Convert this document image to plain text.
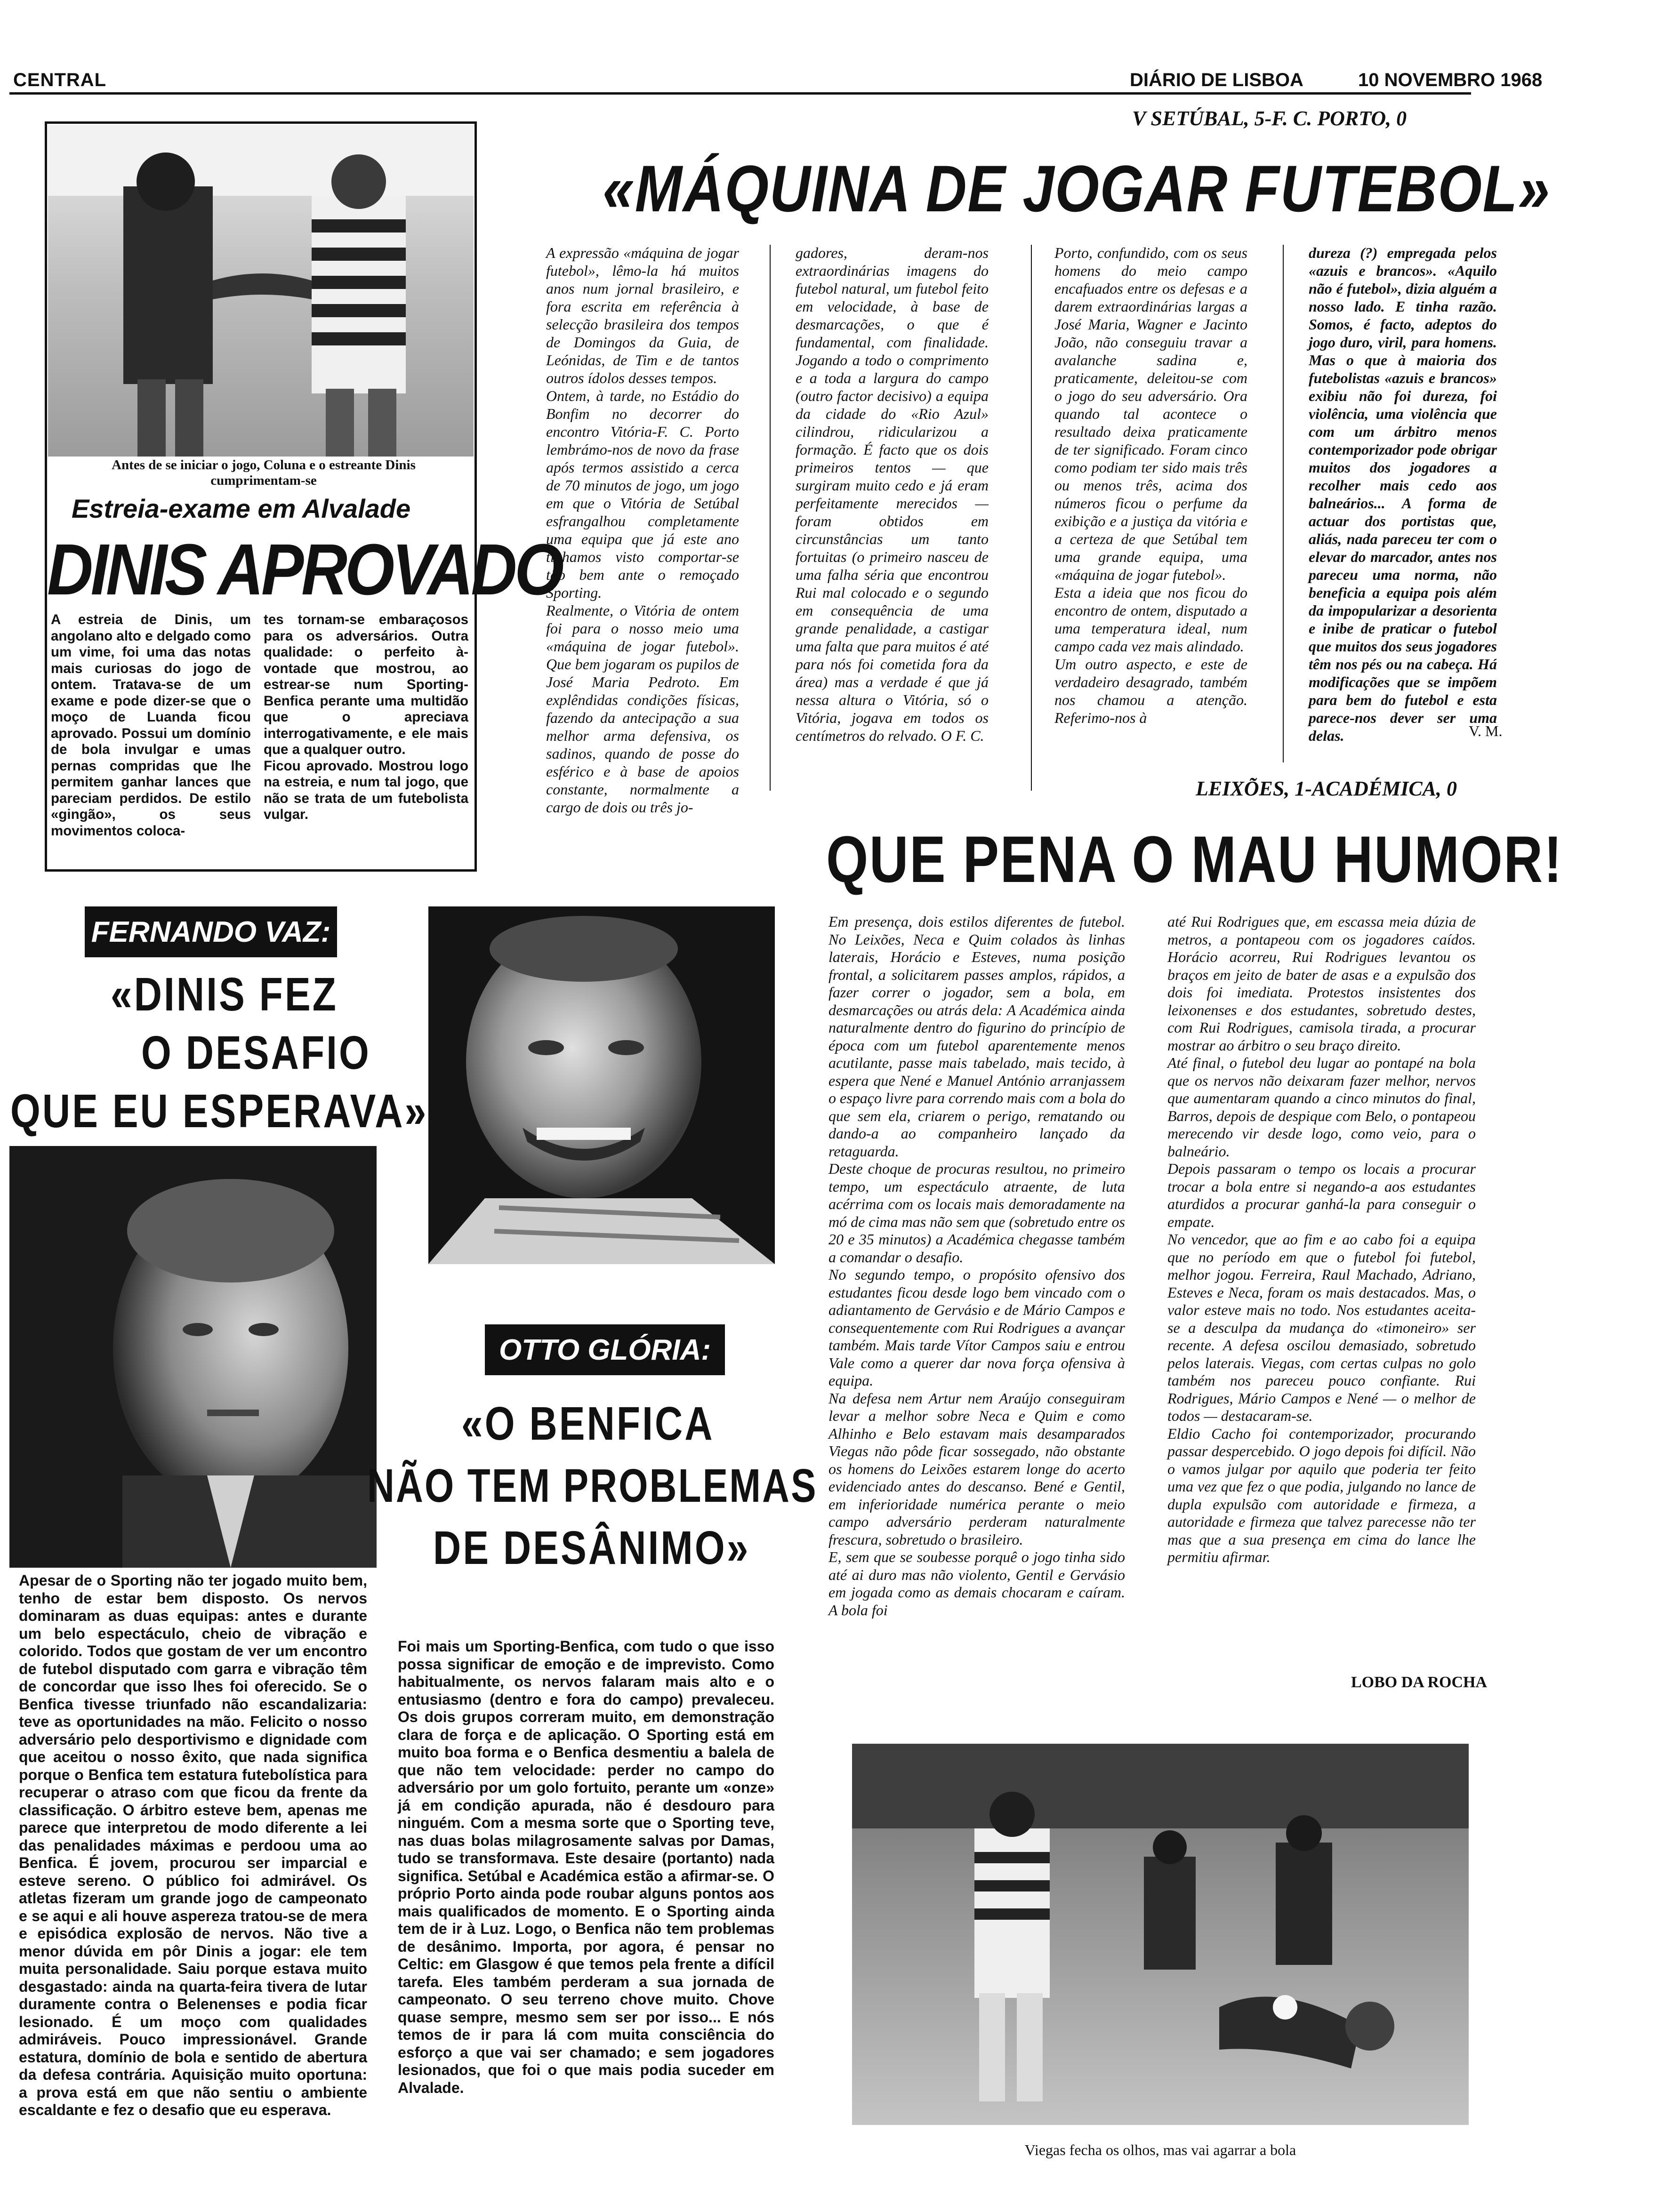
CENTRAL	DIÁRIO DE LISBOA	10 NOVEMBRO 1968
Antes de se iniciar o jogo, Coluna e o estreante Dinis cumprimentam-se
Estreia-exame em Alvalade
DINIS APROVADO
A estreia de Dinis, um angolano alto e delgado como um vime, foi uma das notas mais curiosas do jogo de ontem. Tratava-se de um exame e pode dizer-se que o moço de Luanda ficou aprovado. Possui um domínio de bola invulgar e umas pernas compridas que lhe permitem ganhar lances que pareciam perdidos. De estilo «gingão», os seus movimentos coloca-
tes tornam-se embaraçosos para os adversários. Outra qualidade: o perfeito à-vontade que mostrou, ao estrear-se num Sporting-Benfica perante uma multidão que o apreciava interrogativamente, e ele mais que a qualquer outro.
Ficou aprovado. Mostrou logo na estreia, e num tal jogo, que não se trata de um futebolista vulgar.
V SETÚBAL, 5-F. C. PORTO, 0
«MÁQUINA DE JOGAR FUTEBOL»
A expressão «máquina de jogar futebol», lêmo-la há muitos anos num jornal brasileiro, e fora escrita em referência à selecção brasileira dos tempos de Domingos da Guia, de Leónidas, de Tim e de tantos outros ídolos desses tempos.
Ontem, à tarde, no Estádio do Bonfim no decorrer do encontro Vitória-F. C. Porto lembrámo-nos de novo da frase após termos assistido a cerca de 70 minutos de jogo, um jogo em que o Vitória de Setúbal esfrangalhou completamente uma equipa que já este ano tínhamos visto comportar-se tão bem ante o remoçado Sporting.
Realmente, o Vitória de ontem foi para o nosso meio uma «máquina de jogar futebol». Que bem jogaram os pupilos de José Maria Pedroto. Em explêndidas condições físicas, fazendo da antecipação a sua melhor arma defensiva, os sadinos, quando de posse do esférico e à base de apoios constante, normalmente a cargo de dois ou três jo-
gadores, deram-nos extraordinárias imagens do futebol natural, um futebol feito em velocidade, à base de desmarcações, o que é fundamental, com finalidade. Jogando a todo o comprimento e a toda a largura do campo (outro factor decisivo) a equipa da cidade do «Rio Azul» cilindrou, ridicularizou a formação. É facto que os dois primeiros tentos — que surgiram muito cedo e já eram perfeitamente merecidos — foram obtidos em circunstâncias um tanto fortuitas (o primeiro nasceu de uma falha séria que encontrou Rui mal colocado e o segundo em consequência de uma grande penalidade, a castigar uma falta que para muitos é até para nós foi cometida fora da área) mas a verdade é que já nessa altura o Vitória, só o Vitória, jogava em todos os centímetros do relvado. O F. C.
Porto, confundido, com os seus homens do meio campo encafuados entre os defesas e a darem extraordinárias largas a José Maria, Wagner e Jacinto João, não conseguiu travar a avalanche sadina e, praticamente, deleitou-se com o jogo do seu adversário. Ora quando tal acontece o resultado deixa praticamente de ter significado. Foram cinco como podiam ter sido mais três ou menos três, acima dos números ficou o perfume da exibição e a justiça da vitória e a certeza de que Setúbal tem uma grande equipa, uma «máquina de jogar futebol».
Esta a ideia que nos ficou do encontro de ontem, disputado a uma temperatura ideal, num campo cada vez mais alindado.
Um outro aspecto, e este de verdadeiro desagrado, também nos chamou a atenção. Referimo-nos à
dureza (?) empregada pelos «azuis e brancos». «Aquilo não é futebol», dizia alguém a nosso lado. E tinha razão. Somos, é facto, adeptos do jogo duro, viril, para homens. Mas o que à maioria dos futebolistas «azuis e brancos» exibiu não foi dureza, foi violência, uma violência que com um árbitro menos contemporizador pode obrigar muitos dos jogadores a recolher mais cedo aos balneários... A forma de actuar dos portistas que, aliás, nada pareceu ter com o elevar do marcador, antes nos pareceu uma norma, não beneficia a equipa pois além da impopularizar a desorienta e inibe de praticar o futebol que muitos dos seus jogadores têm nos pés ou na cabeça. Há modificações que se impõem para bem do futebol e esta parece-nos dever ser uma delas.	V. M.
FERNANDO VAZ:
«DINIS FEZ
O DESAFIO
QUE EU ESPERAVA»
Apesar de o Sporting não ter jogado muito bem, tenho de estar bem disposto. Os nervos dominaram as duas equipas: antes e durante um belo espectáculo, cheio de vibração e colorido. Todos que gostam de ver um encontro de futebol disputado com garra e vibração têm de concordar que isso lhes foi oferecido. Se o Benfica tivesse triunfado não escandalizaria: teve as oportunidades na mão. Felicito o nosso adversário pelo desportivismo e dignidade com que aceitou o nosso êxito, que nada significa porque o Benfica tem estatura futebolística para recuperar o atraso com que ficou da frente da classificação. O árbitro esteve bem, apenas me parece que interpretou de modo diferente a lei das penalidades máximas e perdoou uma ao Benfica. É jovem, procurou ser imparcial e esteve sereno. O público foi admirável. Os atletas fizeram um grande jogo de campeonato e se aqui e ali houve aspereza tratou-se de mera e episódica explosão de nervos. Não tive a menor dúvida em pôr Dinis a jogar: ele tem muita personalidade. Saiu porque estava muito desgastado: ainda na quarta-feira tivera de lutar duramente contra o Belenenses e podia ficar lesionado. É um moço com qualidades admiráveis. Pouco impressionável. Grande estatura, domínio de bola e sentido de abertura da defesa contrária. Aquisição muito oportuna: a prova está em que não sentiu o ambiente escaldante e fez o desafio que eu esperava.
OTTO GLÓRIA:
«O BENFICA
NÃO TEM PROBLEMAS
DE DESÂNIMO»
Foi mais um Sporting-Benfica, com tudo o que isso possa significar de emoção e de imprevisto. Como habitualmente, os nervos falaram mais alto e o entusiasmo (dentro e fora do campo) prevaleceu. Os dois grupos correram muito, em demonstração clara de força e de aplicação. O Sporting está em muito boa forma e o Benfica desmentiu a balela de que não tem velocidade: perder no campo do adversário por um golo fortuito, perante um «onze» já em condição apurada, não é desdouro para ninguém. Com a mesma sorte que o Sporting teve, nas duas bolas milagrosamente salvas por Damas, tudo se transformava. Este desaire (portanto) nada significa. Setúbal e Académica estão a afirmar-se. O próprio Porto ainda pode roubar alguns pontos aos mais qualificados de momento. E o Sporting ainda tem de ir à Luz. Logo, o Benfica não tem problemas de desânimo. Importa, por agora, é pensar no Celtic: em Glasgow é que temos pela frente a difícil tarefa. Eles também perderam a sua jornada de campeonato. O seu terreno chove muito. Chove quase sempre, mesmo sem ser por isso... E nós temos de ir para lá com muita consciência do esforço a que vai ser chamado; e sem jogadores lesionados, que foi o que mais podia suceder em Alvalade.
LEIXÕES, 1-ACADÉMICA, 0
QUE PENA O MAU HUMOR!
Em presença, dois estilos diferentes de futebol. No Leixões, Neca e Quim colados às linhas laterais, Horácio e Esteves, numa posição frontal, a solicitarem passes amplos, rápidos, a fazer correr o jogador, sem a bola, em desmarcações ou atrás dela: A Académica ainda naturalmente dentro do figurino do princípio de época com um futebol aparentemente menos acutilante, passe mais tabelado, mais tecido, à espera que Nené e Manuel António arranjassem o espaço livre para correndo mais com a bola do que sem ela, criarem o perigo, rematando ou dando-a ao companheiro lançado da retaguarda.
Deste choque de procuras resultou, no primeiro tempo, um espectáculo atraente, de luta acérrima com os locais mais demoradamente na mó de cima mas não sem que (sobretudo entre os 20 e 35 minutos) a Académica chegasse também a comandar o desafio.
No segundo tempo, o propósito ofensivo dos estudantes ficou desde logo bem vincado com o adiantamento de Gervásio e de Mário Campos e consequentemente com Rui Rodrigues a avançar também. Mais tarde Vítor Campos saiu e entrou Vale como a querer dar nova força ofensiva à equipa.
Na defesa nem Artur nem Araújo conseguiram levar a melhor sobre Neca e Quim e como Alhinho e Belo estavam mais desamparados Viegas não pôde ficar sossegado, não obstante os homens do Leixões estarem longe do acerto evidenciado antes do descanso. Bené e Gentil, em inferioridade numérica perante o meio campo adversário perderam naturalmente frescura, sobretudo o brasileiro.
E, sem que se soubesse porquê o jogo tinha sido até ai duro mas não violento, Gentil e Gervásio em jogada como as demais chocaram e caíram. A bola foi
até Rui Rodrigues que, em escassa meia dúzia de metros, a pontapeou com os jogadores caídos. Horácio acorreu, Rui Rodrigues levantou os braços em jeito de bater de asas e a expulsão dos dois foi imediata. Protestos insistentes dos leixonenses e dos estudantes, sobretudo destes, com Rui Rodrigues, camisola tirada, a procurar mostrar ao árbitro o seu braço direito.
Até final, o futebol deu lugar ao pontapé na bola que os nervos não deixaram fazer melhor, nervos que aumentaram quando a cinco minutos do final, Barros, depois de despique com Belo, o pontapeou merecendo vir desde logo, como veio, para o balneário.
Depois passaram o tempo os locais a procurar trocar a bola entre si negando-a aos estudantes aturdidos a procurar ganhá-la para conseguir o empate.
No vencedor, que ao fim e ao cabo foi a equipa que no período em que o futebol foi futebol, melhor jogou. Ferreira, Raul Machado, Adriano, Esteves e Neca, foram os mais destacados. Mas, o valor esteve mais no todo. Nos estudantes aceita-se a desculpa da mudança do «timoneiro» ser recente. A defesa oscilou demasiado, sobretudo pelos laterais. Viegas, com certas culpas no golo também nos pareceu pouco confiante. Rui Rodrigues, Mário Campos e Nené — o melhor de todos — destacaram-se.
Eldio Cacho foi contemporizador, procurando passar despercebido. O jogo depois foi difícil. Não o vamos julgar por aquilo que poderia ter feito uma vez que fez o que podia, julgando no lance de dupla expulsão com autoridade e firmeza, a autoridade e firmeza que talvez parecesse não ter mas que a sua presença em cima do lance lhe permitiu afirmar.
LOBO DA ROCHA
Viegas fecha os olhos, mas vai agarrar a bola
